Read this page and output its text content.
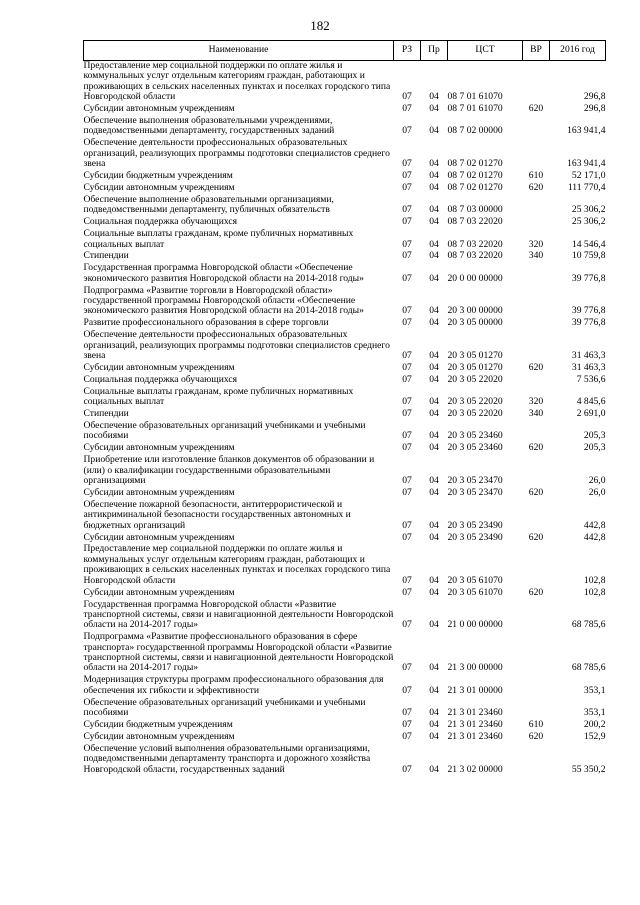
182
Наименование	РЗ	Пр	ЦСТ	ВР	2016 год
Предоставление мер социальной поддержки по оплате жилья и коммунальных услуг отдельным категориям граждан, работающих и проживающих в сельских населенных пунктах и поселках городского типа Новгородской области	07	04	08 7 01 61070		296,8
Субсидии автономным учреждениям	07	04	08 7 01 61070	620	296,8
Обеспечение выполнения образовательными учреждениями, подведомственными департаменту, государственных заданий	07	04	08 7 02 00000		163 941,4
Обеспечение деятельности профессиональных образовательных организаций, реализующих программы подготовки специалистов среднего звена	07	04	08 7 02 01270		163 941,4
Субсидии бюджетным учреждениям	07	04	08 7 02 01270	610	52 171,0
Субсидии автономным учреждениям	07	04	08 7 02 01270	620	111 770,4
Обеспечение выполнение образовательными организациями, подведомственными департаменту, публичных обязательств	07	04	08 7 03 00000		25 306,2
Социальная поддержка обучающихся	07	04	08 7 03 22020		25 306,2
Социальные выплаты гражданам, кроме публичных нормативных социальных выплат	07	04	08 7 03 22020	320	14 546,4
Стипендии	07	04	08 7 03 22020	340	10 759,8
Государственная программа Новгородской области «Обеспечение экономического развития Новгородской области на 2014-2018 годы»	07	04	20 0 00 00000		39 776,8
Подпрограмма «Развитие торговли в Новгородской области» государственной программы Новгородской области «Обеспечение экономического развития Новгородской области на 2014-2018 годы»	07	04	20 3 00 00000		39 776,8
Развитие профессионального образования в сфере торговли	07	04	20 3 05 00000		39 776,8
Обеспечение деятельности профессиональных образовательных организаций, реализующих программы подготовки специалистов среднего звена	07	04	20 3 05 01270		31 463,3
Субсидии автономным учреждениям	07	04	20 3 05 01270	620	31 463,3
Социальная поддержка обучающихся	07	04	20 3 05 22020		7 536,6
Социальные выплаты гражданам, кроме публичных нормативных социальных выплат	07	04	20 3 05 22020	320	4 845,6
Стипендии	07	04	20 3 05 22020	340	2 691,0
Обеспечение образовательных организаций учебниками и учебными пособиями	07	04	20 3 05 23460		205,3
Субсидии автономным учреждениям	07	04	20 3 05 23460	620	205,3
Приобретение или изготовление бланков документов об образовании и (или) о квалификации государственными образовательными организациями	07	04	20 3 05 23470		26,0
Субсидии автономным учреждениям	07	04	20 3 05 23470	620	26,0
Обеспечение пожарной безопасности, антитеррористической и антикриминальной безопасности государственных автономных и бюджетных организаций	07	04	20 3 05 23490		442,8
Субсидии автономным учреждениям	07	04	20 3 05 23490	620	442,8
Предоставление мер социальной поддержки по оплате жилья и коммунальных услуг отдельным категориям граждан, работающих и проживающих в сельских населенных пунктах и поселках городского типа Новгородской области	07	04	20 3 05 61070		102,8
Субсидии автономным учреждениям	07	04	20 3 05 61070	620	102,8
Государственная программа Новгородской области «Развитие транспортной системы, связи и навигационной деятельности Новгородской области на 2014-2017 годы»	07	04	21 0 00 00000		68 785,6
Подпрограмма «Развитие профессионального образования в сфере транспорта» государственной программы Новгородской области «Развитие транспортной системы, связи и навигационной деятельности Новгородской области на 2014-2017 годы»	07	04	21 3 00 00000		68 785,6
Модернизация структуры программ профессионального образования для обеспечения их гибкости и эффективности	07	04	21 3 01 00000		353,1
Обеспечение образовательных организаций учебниками и учебными пособиями	07	04	21 3 01 23460		353,1
Субсидии бюджетным учреждениям	07	04	21 3 01 23460	610	200,2
Субсидии автономным учреждениям	07	04	21 3 01 23460	620	152,9
Обеспечение условий выполнения образовательными организациями, подведомственными департаменту транспорта и дорожного хозяйства Новгородской области, государственных заданий	07	04	21 3 02 00000		55 350,2
